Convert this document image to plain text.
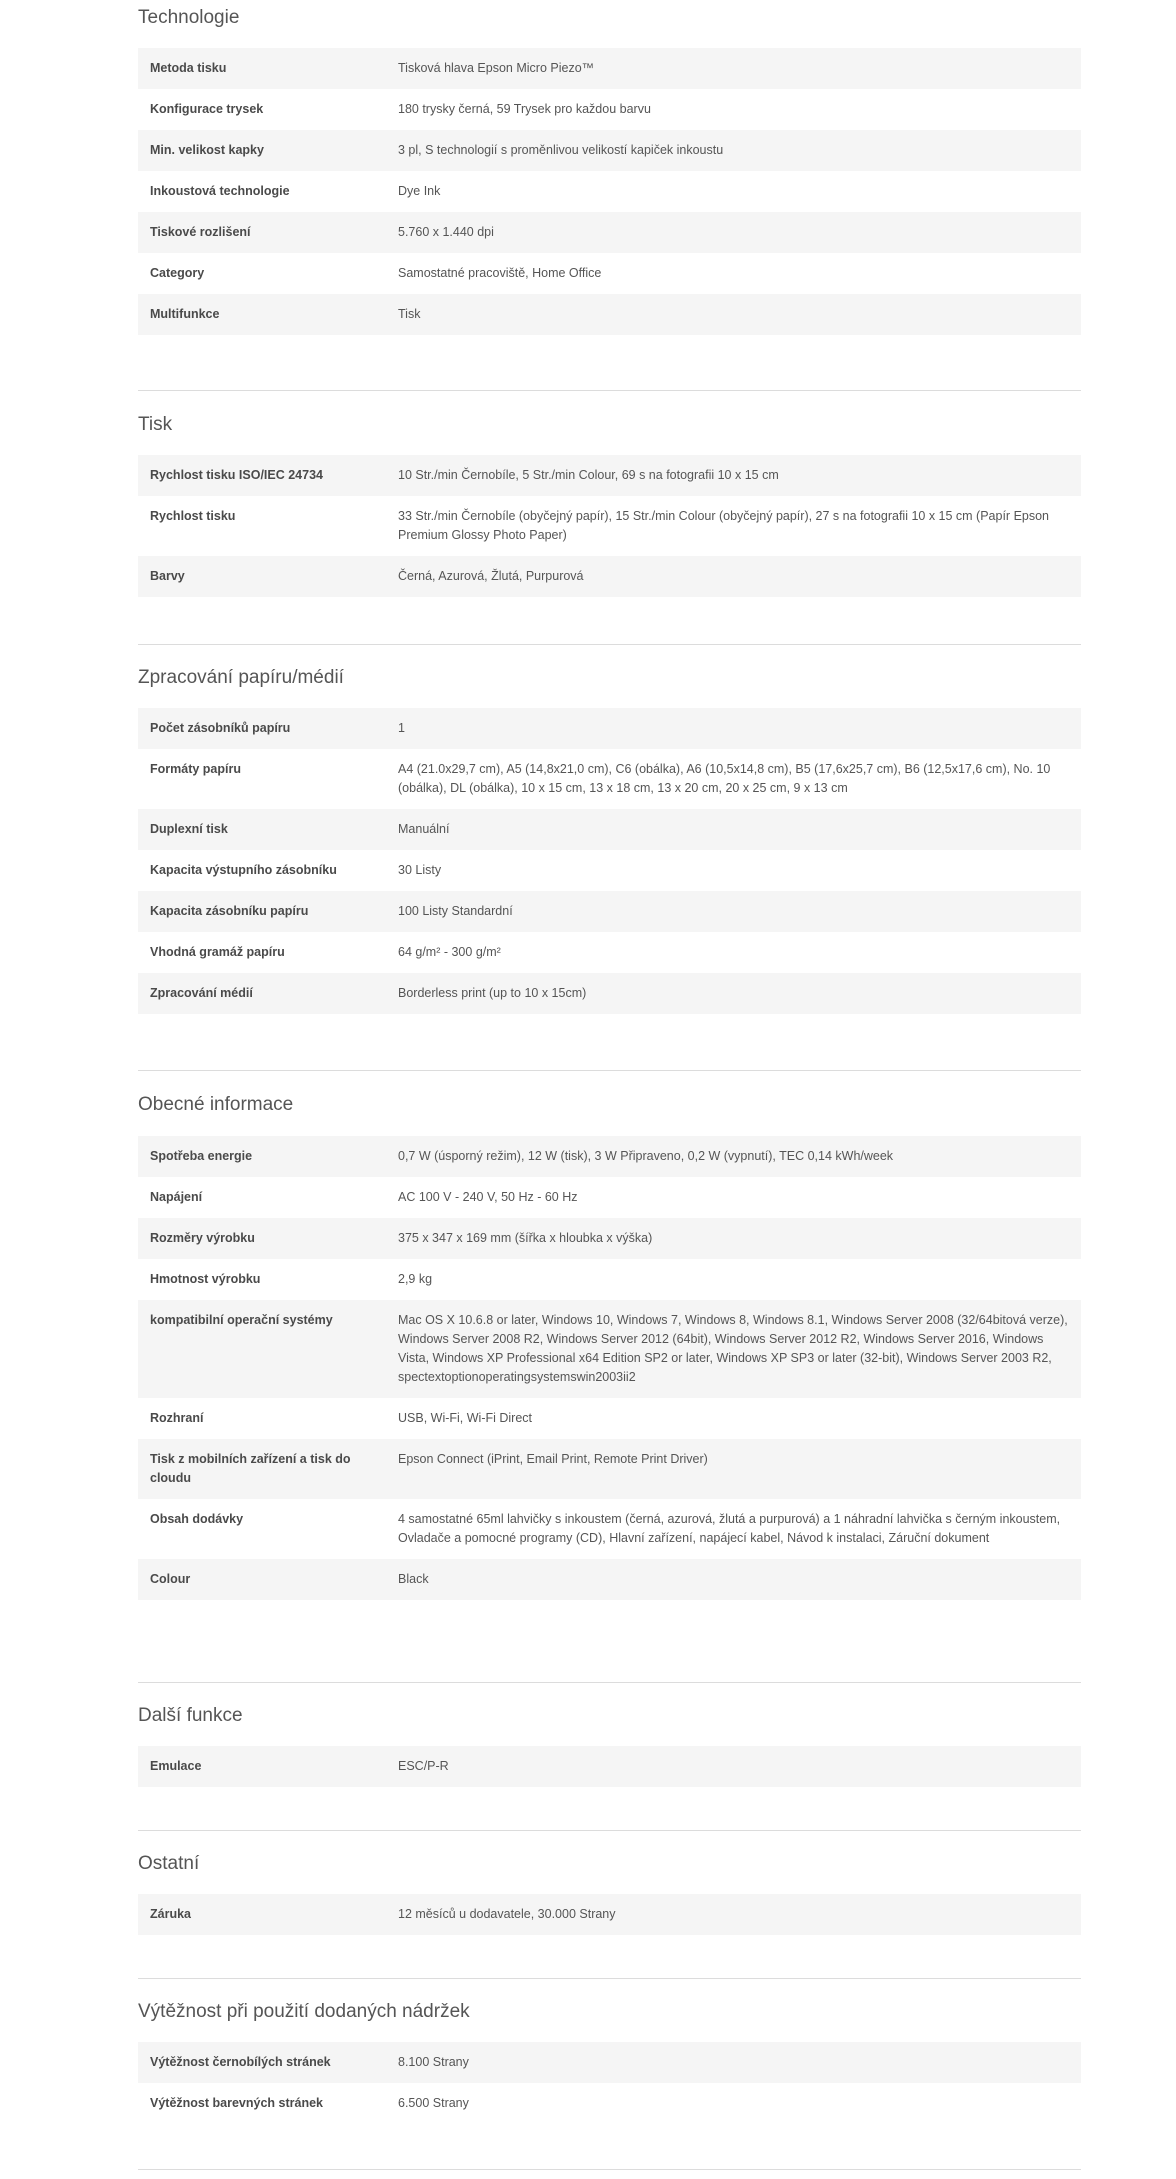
Technologie
Metoda tisku	Tisková hlava Epson Micro Piezo™
Konfigurace trysek	180 trysky černá, 59 Trysek pro každou barvu
Min. velikost kapky	3 pl, S technologií s proměnlivou velikostí kapiček inkoustu
Inkoustová technologie	Dye Ink
Tiskové rozlišení	5.760 x 1.440 dpi
Category	Samostatné pracoviště, Home Office
Multifunkce	Tisk
Tisk
Rychlost tisku ISO/IEC 24734	10 Str./min Černobíle, 5 Str./min Colour, 69 s na fotografii 10 x 15 cm
Rychlost tisku	33 Str./min Černobíle (obyčejný papír), 15 Str./min Colour (obyčejný papír), 27 s na fotografii 10 x 15 cm (Papír Epson Premium Glossy Photo Paper)
Barvy	Černá, Azurová, Žlutá, Purpurová
Zpracování papíru/médií
Počet zásobníků papíru	1
Formáty papíru	A4 (21.0x29,7 cm), A5 (14,8x21,0 cm), C6 (obálka), A6 (10,5x14,8 cm), B5 (17,6x25,7 cm), B6 (12,5x17,6 cm), No. 10 (obálka), DL (obálka), 10 x 15 cm, 13 x 18 cm, 13 x 20 cm, 20 x 25 cm, 9 x 13 cm
Duplexní tisk	Manuální
Kapacita výstupního zásobníku	30 Listy
Kapacita zásobníku papíru	100 Listy Standardní
Vhodná gramáž papíru	64 g/m² - 300 g/m²
Zpracování médií	Borderless print (up to 10 x 15cm)
Obecné informace
Spotřeba energie	0,7 W (úsporný režim), 12 W (tisk), 3 W Připraveno, 0,2 W (vypnutí), TEC 0,14 kWh/week
Napájení	AC 100 V - 240 V, 50 Hz - 60 Hz
Rozměry výrobku	375 x 347 x 169 mm (šířka x hloubka x výška)
Hmotnost výrobku	2,9 kg
kompatibilní operační systémy	Mac OS X 10.6.8 or later, Windows 10, Windows 7, Windows 8, Windows 8.1, Windows Server 2008 (32/64bitová verze), Windows Server 2008 R2, Windows Server 2012 (64bit), Windows Server 2012 R2, Windows Server 2016, Windows Vista, Windows XP Professional x64 Edition SP2 or later, Windows XP SP3 or later (32-bit), Windows Server 2003 R2, spectextoptionoperatingsystemswin2003ii2
Rozhraní	USB, Wi-Fi, Wi-Fi Direct
Tisk z mobilních zařízení a tisk do cloudu	Epson Connect (iPrint, Email Print, Remote Print Driver)
Obsah dodávky	4 samostatné 65ml lahvičky s inkoustem (černá, azurová, žlutá a purpurová) a 1 náhradní lahvička s černým inkoustem, Ovladače a pomocné programy (CD), Hlavní zařízení, napájecí kabel, Návod k instalaci, Záruční dokument
Colour	Black
Další funkce
Emulace	ESC/P-R
Ostatní
Záruka	12 měsíců u dodavatele, 30.000 Strany
Výtěžnost při použití dodaných nádržek
Výtěžnost černobílých stránek	8.100 Strany
Výtěžnost barevných stránek	6.500 Strany
